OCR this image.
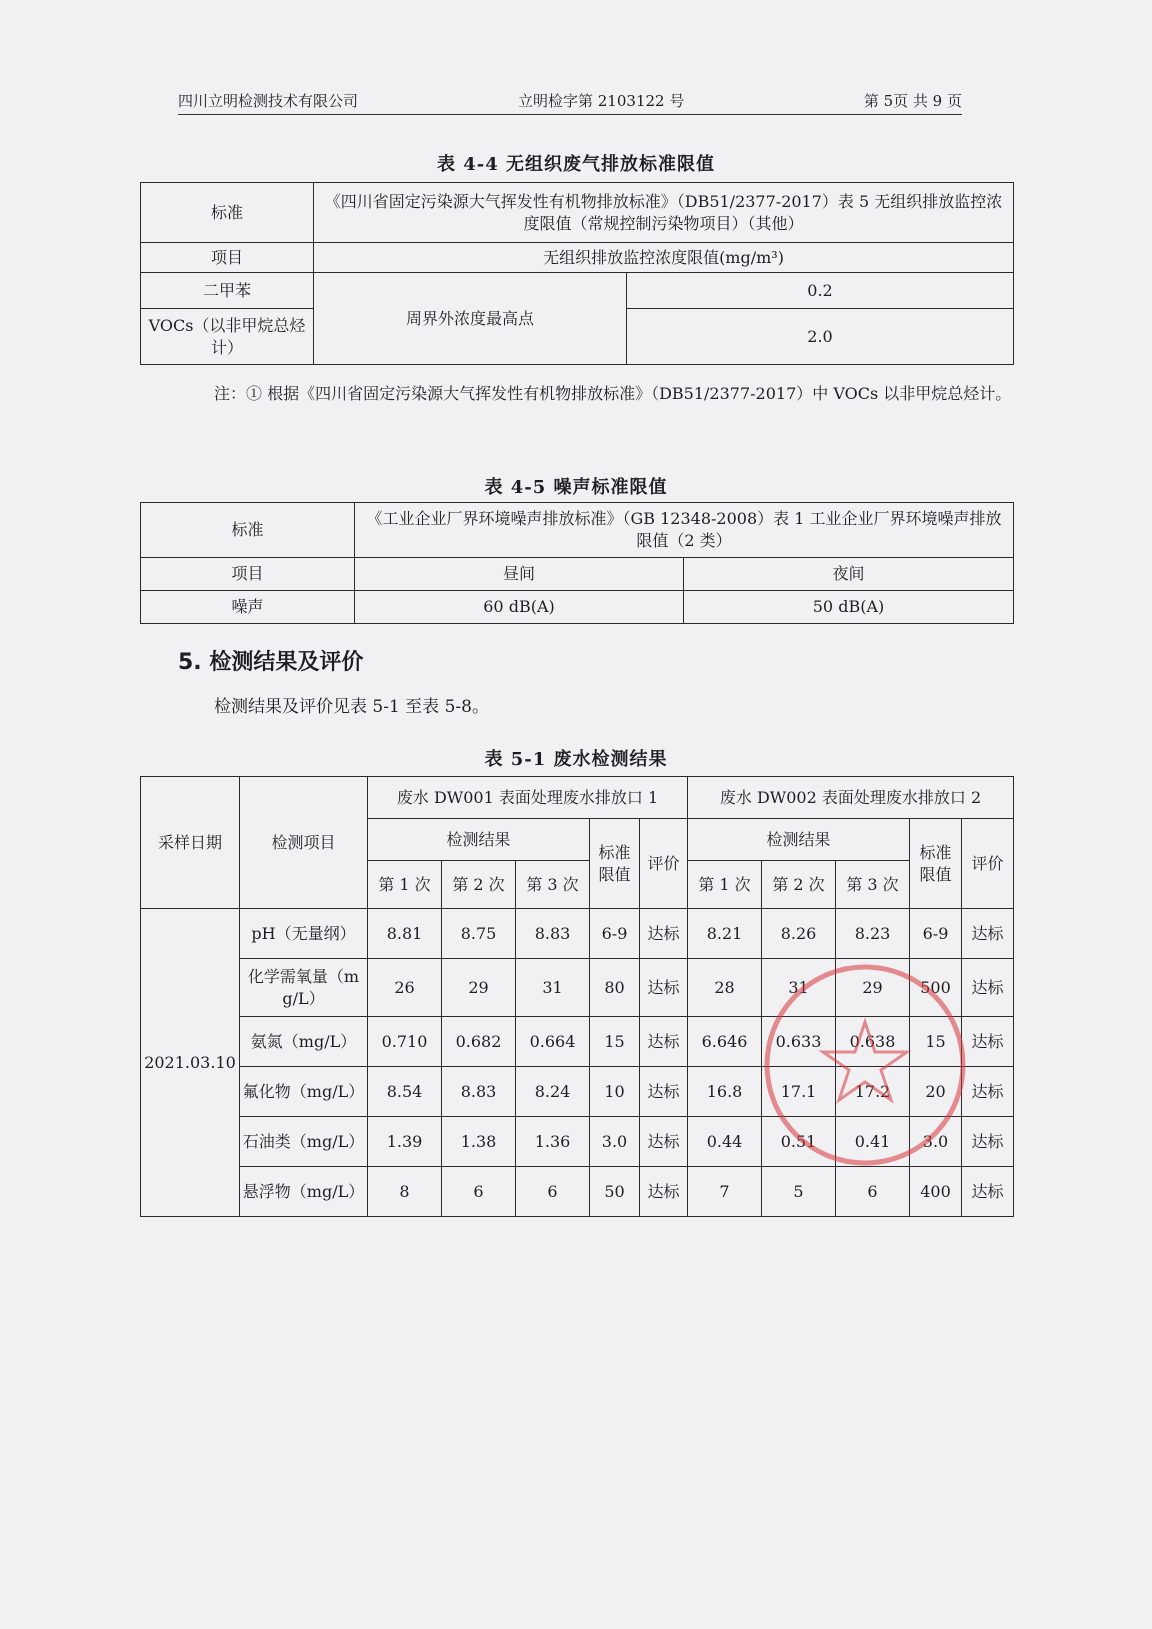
四川立明检测技术有限公司	立明检字第 2103122 号	第 5页 共 9 页
表 4-4 无组织废气排放标准限值
标准	《四川省固定污染源大气挥发性有机物排放标准》（DB51/2377-2017）表 5 无组织排放监控浓度限值（常规控制污染物项目）（其他）	
项目	无组织排放监控浓度限值(mg/m³)	
二甲苯	周界外浓度最高点	0.2
VOCs（以非甲烷总烃计）		2.0
注：① 根据《四川省固定污染源大气挥发性有机物排放标准》（DB51/2377-2017）中 VOCs 以非甲烷总烃计。
表 4-5 噪声标准限值
标准	《工业企业厂界环境噪声排放标准》（GB 12348-2008）表 1 工业企业厂界环境噪声排放限值（2 类）	
项目	昼间	夜间
噪声	60 dB(A)	50 dB(A)
5. 检测结果及评价
检测结果及评价见表 5-1 至表 5-8。
表 5-1 废水检测结果
采样日期	检测项目	废水 DW001 表面处理废水排放口 1					废水 DW002 表面处理废水排放口 2				
		检测结果			标准限值	评价	检测结果			标准限值	评价
		第 1 次	第 2 次	第 3 次			第 1 次	第 2 次	第 3 次		
2021.03.10	pH（无量纲）	8.81	8.75	8.83	6-9	达标	8.21	8.26	8.23	6-9	达标
	化学需氧量（mg/L）	26	29	31	80	达标	28	31	29	500	达标
	氨氮（mg/L）	0.710	0.682	0.664	15	达标	6.646	0.633	0.638	15	达标
	氟化物（mg/L）	8.54	8.83	8.24	10	达标	16.8	17.1	17.2	20	达标
	石油类（mg/L）	1.39	1.38	1.36	3.0	达标	0.44	0.51	0.41	3.0	达标
	悬浮物（mg/L）	8	6	6	50	达标	7	5	6	400	达标
